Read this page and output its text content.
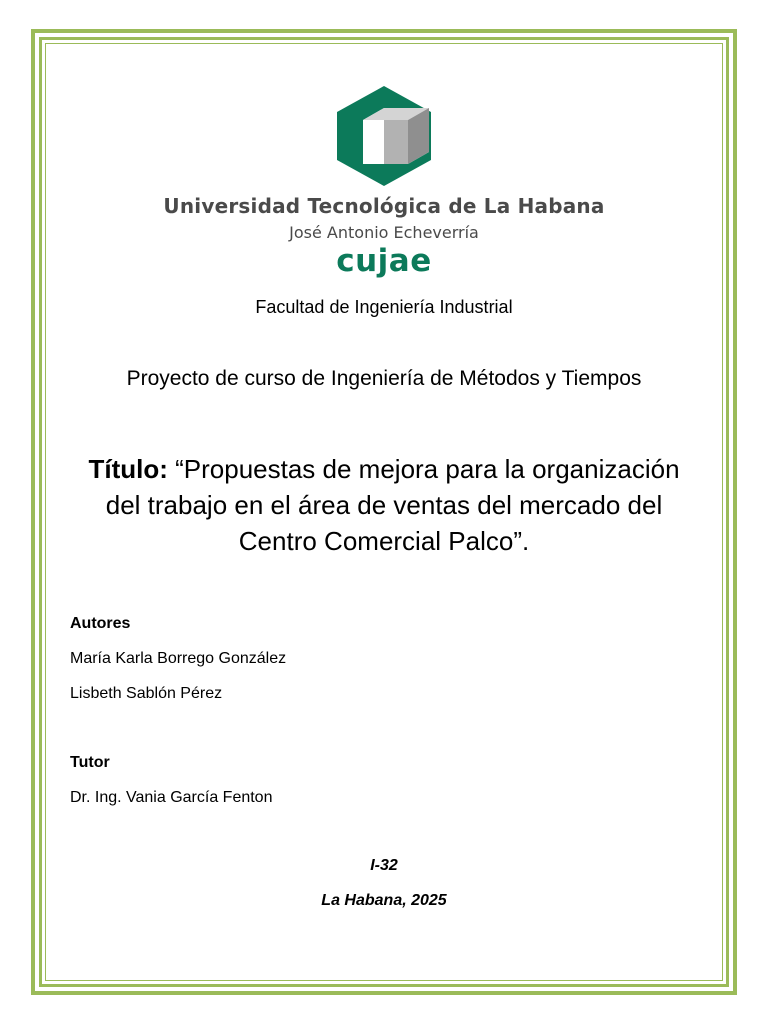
Universidad Tecnológica de La Habana
José Antonio Echeverría
cujae
Facultad de Ingeniería Industrial
Proyecto de curso de Ingeniería de Métodos y Tiempos
Título: “Propuestas de mejora para la organización del trabajo en el área de ventas del mercado del Centro Comercial Palco”.
Autores
María Karla Borrego González
Lisbeth Sablón Pérez
Tutor
Dr. Ing. Vania García Fenton
I-32
La Habana, 2025
